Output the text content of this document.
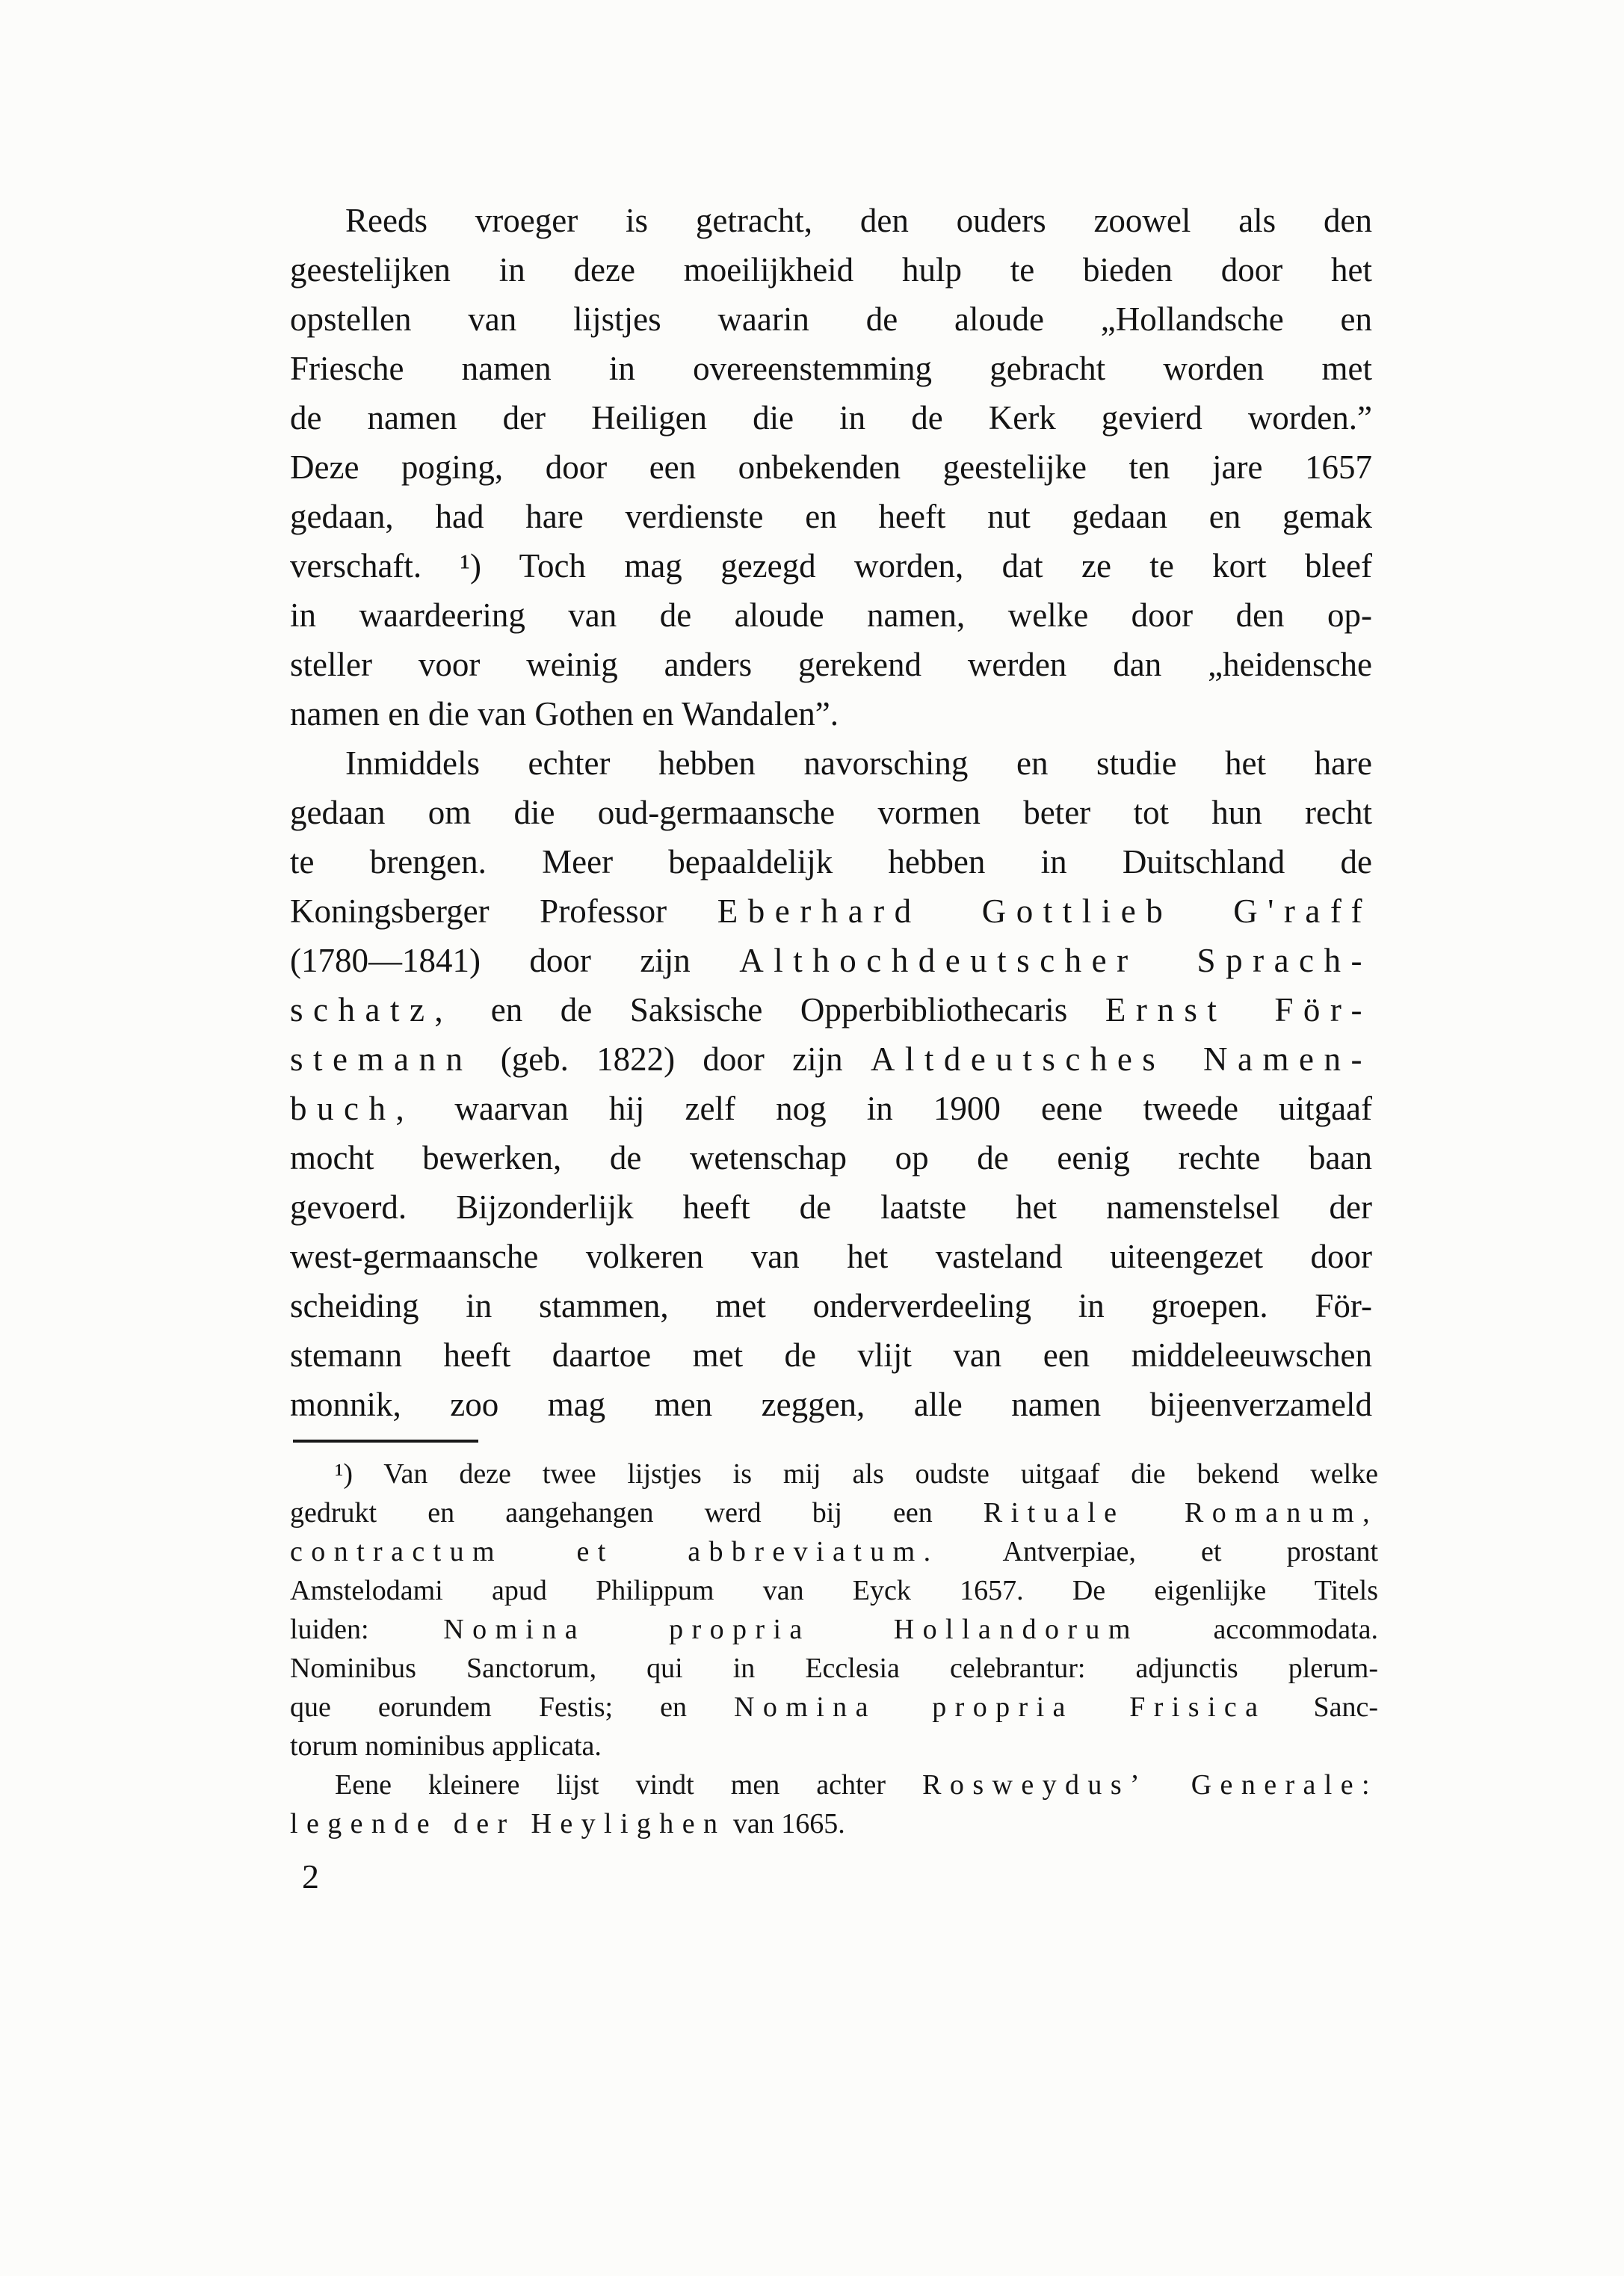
Reeds vroeger is getracht, den ouders zoowel als den
geestelijken in deze moeilijkheid hulp te bieden door het
opstellen van lijstjes waarin de aloude „Hollandsche en
Friesche namen in overeenstemming gebracht worden met
de namen der Heiligen die in de Kerk gevierd worden.”
Deze poging, door een onbekenden geestelijke ten jare 1657
gedaan, had hare verdienste en heeft nut gedaan en gemak
verschaft. ¹) Toch mag gezegd worden, dat ze te kort bleef
in waardeering van de aloude namen, welke door den op-
steller voor weinig anders gerekend werden dan „heidensche
namen en die van Gothen en Wandalen”.
Inmiddels echter hebben navorsching en studie het hare
gedaan om die oud-germaansche vormen beter tot hun recht
te brengen. Meer bepaaldelijk hebben in Duitschland de
Koningsberger Professor Eberhard Gottlieb G'raff
(1780—1841) door zijn Althochdeutscher Sprach-
schatz, en de Saksische Opperbibliothecaris Ernst För-
stemann (geb. 1822) door zijn Altdeutsches Namen-
buch, waarvan hij zelf nog in 1900 eene tweede uitgaaf
mocht bewerken, de wetenschap op de eenig rechte baan
gevoerd. Bijzonderlijk heeft de laatste het namenstelsel der
west-germaansche volkeren van het vasteland uiteengezet door
scheiding in stammen, met onderverdeeling in groepen. För-
stemann heeft daartoe met de vlijt van een middeleeuwschen
monnik, zoo mag men zeggen, alle namen bijeenverzameld
¹) Van deze twee lijstjes is mij als oudste uitgaaf die bekend welke
gedrukt en aangehangen werd bij een Rituale Romanum,
contractum et abbreviatum. Antverpiae, et prostant
Amstelodami apud Philippum van Eyck 1657. De eigenlijke Titels
luiden: Nomina propria Hollandorum accommodata.
Nominibus Sanctorum, qui in Ecclesia celebrantur: adjunctis plerum-
que eorundem Festis; en Nomina propria Frisica Sanc-
torum nominibus applicata.
Eene kleinere lijst vindt men achter Rosweydus’ Generale:
legende der Heylighen van 1665.
2
